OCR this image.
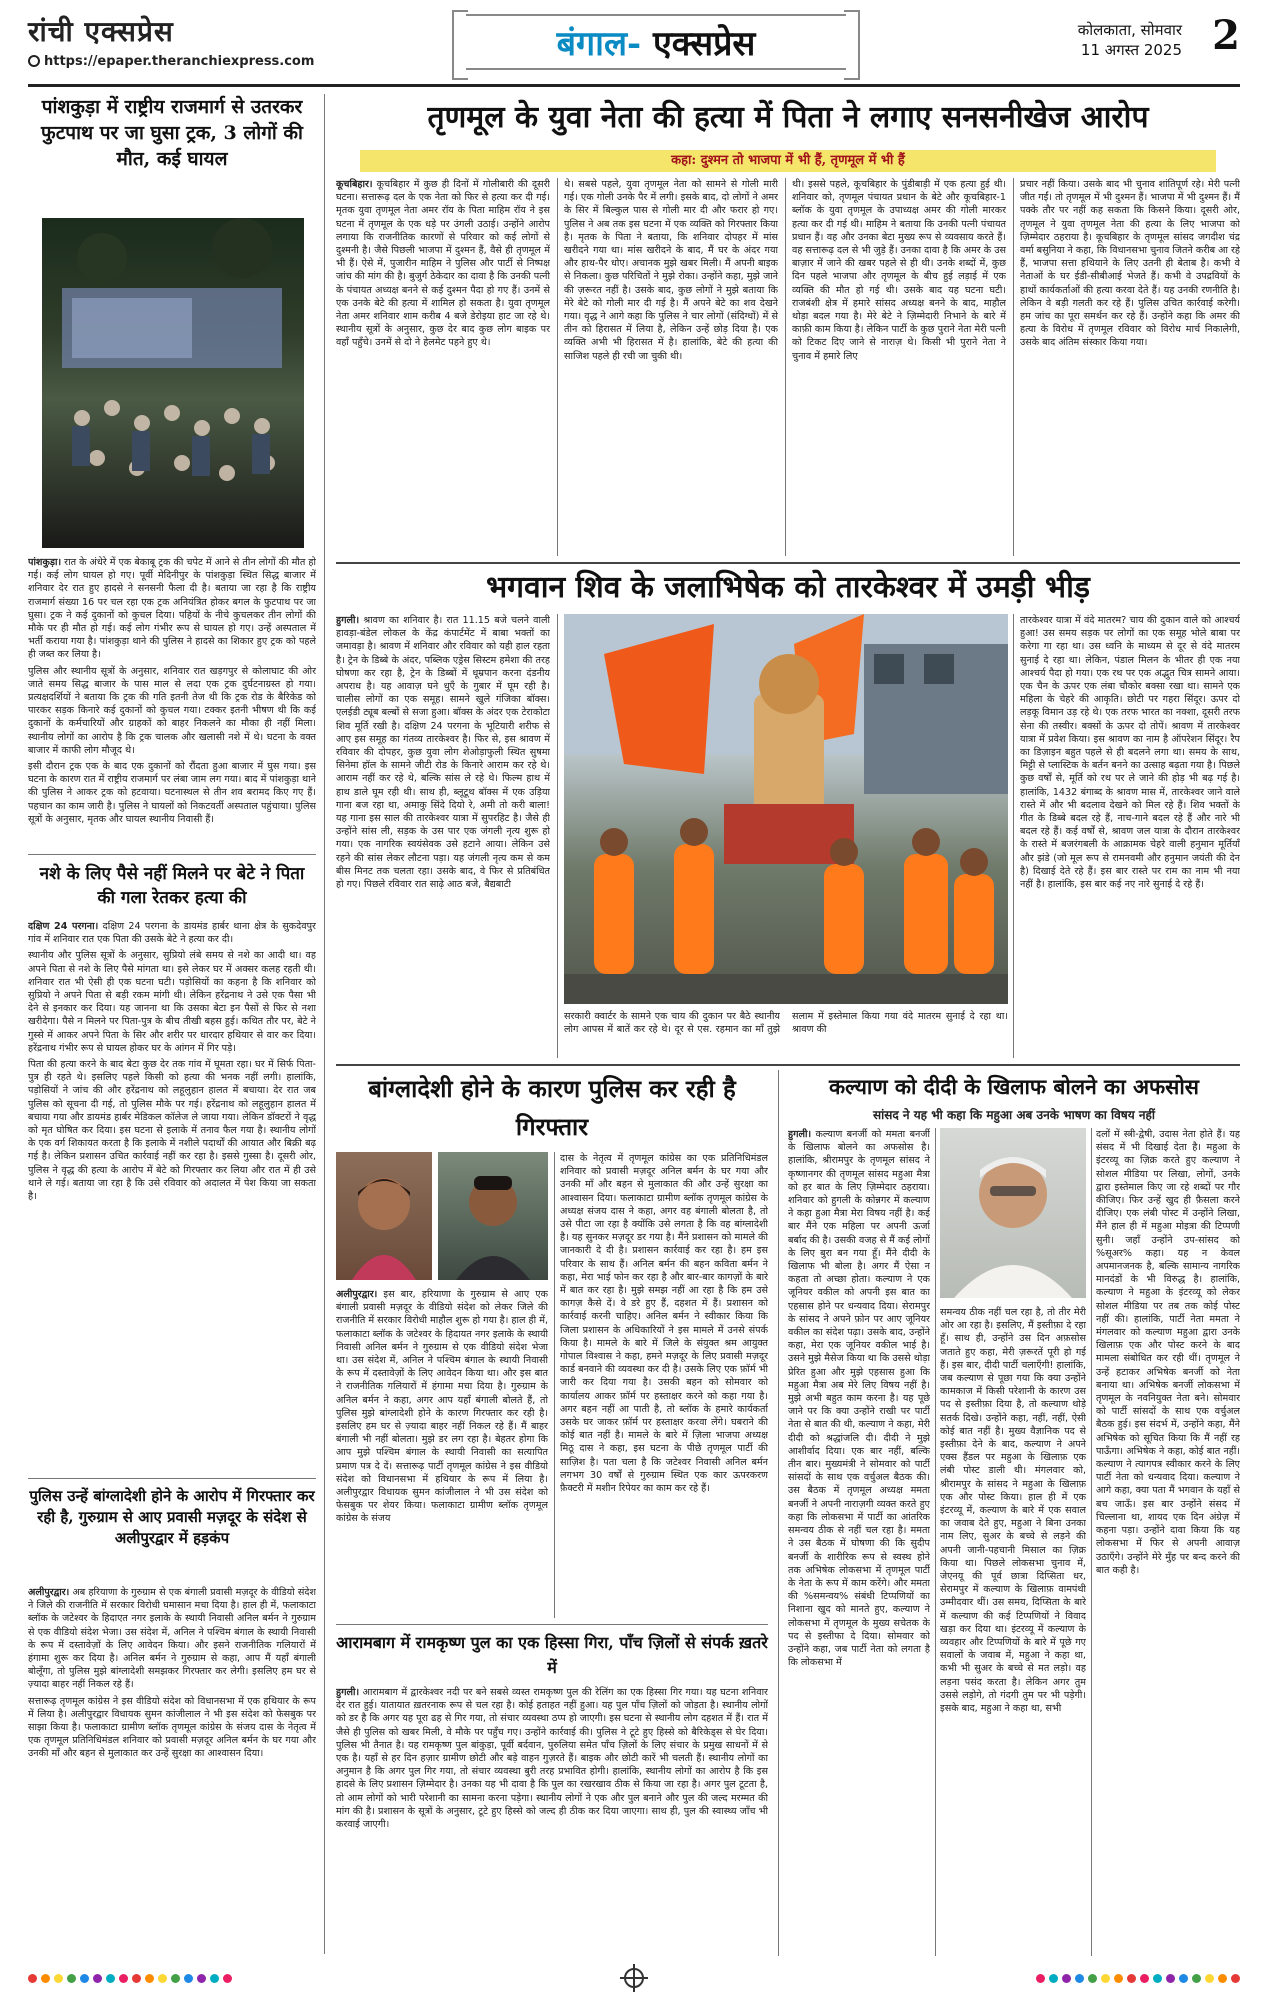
रांची एक्सप्रेस
https://epaper.theranchiexpress.com	बंगाल- एक्सप्रेस	कोलकाता, सोमवार
11 अगस्त 2025 2
पांशकुड़ा में राष्ट्रीय राजमार्ग से उतरकर फुटपाथ पर जा घुसा ट्रक, 3 लोगों की मौत, कई घायल

पांशकुड़ा। रात के अंधेरे में एक बेकाबू ट्रक की चपेट में आने से तीन लोगों की मौत हो गई। कई लोग घायल हो गए। पूर्वी मेदिनीपुर के पांशकुड़ा स्थित सिद्ध बाजार में शनिवार देर रात हुए हादसे ने सनसनी फैला दी है। बताया जा रहा है कि राष्ट्रीय राजमार्ग संख्या 16 पर चल रहा एक ट्रक अनियंत्रित होकर बगल के फुटपाथ पर जा घुसा। ट्रक ने कई दुकानों को कुचल दिया। पहियों के नीचे कुचलकर तीन लोगों की मौके पर ही मौत हो गई। कई लोग गंभीर रूप से घायल हो गए। उन्हें अस्पताल में भर्ती कराया गया है। पांशकुड़ा थाने की पुलिस ने हादसे का शिकार हुए ट्रक को पहले ही जब्त कर लिया है।

पुलिस और स्थानीय सूत्रों के अनुसार, शनिवार रात खड़गपुर से कोलाघाट की ओर जाते समय सिद्ध बाजार के पास माल से लदा एक ट्रक दुर्घटनाग्रस्त हो गया। प्रत्यक्षदर्शियों ने बताया कि ट्रक की गति इतनी तेज थी कि ट्रक रोड के बैरिकेड को पारकर सड़क किनारे कई दुकानों को कुचल गया। टक्कर इतनी भीषण थी कि कई दुकानों के कर्मचारियों और ग्राहकों को बाहर निकलने का मौका ही नहीं मिला। स्थानीय लोगों का आरोप है कि ट्रक चालक और खलासी नशे में थे। घटना के वक्त बाजार में काफी लोग मौजूद थे।

इसी दौरान ट्रक एक के बाद एक दुकानों को रौंदता हुआ बाजार में घुस गया। इस घटना के कारण रात में राष्ट्रीय राजमार्ग पर लंबा जाम लग गया। बाद में पांशकुड़ा थाने की पुलिस ने आकर ट्रक को हटवाया। घटनास्थल से तीन शव बरामद किए गए हैं। पहचान का काम जारी है। पुलिस ने घायलों को निकटवर्ती अस्पताल पहुंचाया। पुलिस सूत्रों के अनुसार, मृतक और घायल स्थानीय निवासी हैं।

नशे के लिए पैसे नहीं मिलने पर बेटे ने पिता की गला रेतकर हत्या की

दक्षिण 24 परगना। दक्षिण 24 परगना के डायमंड हार्बर थाना क्षेत्र के सुकदेवपुर गांव में शनिवार रात एक पिता की उसके बेटे ने हत्या कर दी।

स्थानीय और पुलिस सूत्रों के अनुसार, सुप्रियो लंबे समय से नशे का आदी था। वह अपने पिता से नशे के लिए पैसे मांगता था। इसे लेकर घर में अक्सर कलह रहती थी। शनिवार रात भी ऐसी ही एक घटना घटी। पड़ोसियों का कहना है कि शनिवार को सुप्रियो ने अपने पिता से बड़ी रकम मांगी थी। लेकिन हरेंद्रनाथ ने उसे एक पैसा भी देने से इनकार कर दिया। यह जानना था कि उसका बेटा इन पैसों से फिर से नशा खरीदेगा। पैसे न मिलने पर पिता-पुत्र के बीच तीखी बहस हुई। कथित तौर पर, बेटे ने गुस्से में आकर अपने पिता के सिर और शरीर पर धारदार हथियार से वार कर दिया। हरेंद्रनाथ गंभीर रूप से घायल होकर घर के आंगन में गिर पड़े।

पिता की हत्या करने के बाद बेटा कुछ देर तक गांव में घूमता रहा। घर में सिर्फ पिता-पुत्र ही रहते थे। इसलिए पहले किसी को हत्या की भनक नहीं लगी। हालांकि, पड़ोसियों ने जांच की और हरेंद्रनाथ को लहूलुहान हालत में बचाया। देर रात जब पुलिस को सूचना दी गई, तो पुलिस मौके पर गई। हरेंद्रनाथ को लहूलुहान हालत में बचाया गया और डायमंड हार्बर मेडिकल कॉलेज ले जाया गया। लेकिन डॉक्टरों ने वृद्ध को मृत घोषित कर दिया। इस घटना से इलाके में तनाव फैल गया है। स्थानीय लोगों के एक वर्ग शिकायत करता है कि इलाके में नशीले पदार्थों की आयात और बिक्री बढ़ गई है। लेकिन प्रशासन उचित कार्रवाई नहीं कर रहा है। इससे गुस्सा है। दूसरी ओर, पुलिस ने वृद्ध की हत्या के आरोप में बेटे को गिरफ्तार कर लिया और रात में ही उसे थाने ले गई। बताया जा रहा है कि उसे रविवार को अदालत में पेश किया जा सकता है।

पुलिस उन्हें बांग्लादेशी होने के आरोप में गिरफ्तार कर रही है, गुरुग्राम से आए प्रवासी मज़दूर के संदेश से अलीपुरद्वार में हड़कंप

अलीपुरद्वार। अब हरियाणा के गुरुग्राम से एक बंगाली प्रवासी मज़दूर के वीडियो संदेश ने जिले की राजनीति में सरकार विरोधी घमासान मचा दिया है। हाल ही में, फलाकाटा ब्लॉक के जटेश्वर के हिदाएत नगर इलाके के स्थायी निवासी अनिल बर्मन ने गुरुग्राम से एक वीडियो संदेश भेजा। उस संदेश में, अनिल ने पश्चिम बंगाल के स्थायी निवासी के रूप में दस्तावेज़ों के लिए आवेदन किया। और इसने राजनीतिक गलियारों में हंगामा शुरू कर दिया है। अनिल बर्मन ने गुरुग्राम से कहा, आप मैं यहाँ बंगाली बोलूँगा, तो पुलिस मुझे बांग्लादेशी समझकर गिरफ्तार कर लेगी। इसलिए हम घर से ज़्यादा बाहर नहीं निकल रहे हैं।

सत्तारूढ़ तृणमूल कांग्रेस ने इस वीडियो संदेश को विधानसभा में एक हथियार के रूप में लिया है। अलीपुरद्वार विधायक सुमन कांजीलाल ने भी इस संदेश को फेसबुक पर साझा किया है। फलाकाटा ग्रामीण ब्लॉक तृणमूल कांग्रेस के संजय दास के नेतृत्व में एक तृणमूल प्रतिनिधिमंडल शनिवार को प्रवासी मज़दूर अनिल बर्मन के घर गया और उनकी माँ और बहन से मुलाकात कर उन्हें सुरक्षा का आश्वासन दिया।

तृणमूल के युवा नेता की हत्या में पिता ने लगाए सनसनीखेज आरोप
कहा: दुश्मन तो भाजपा में भी हैं, तृणमूल में भी हैं

कूचबिहार। कूचबिहार में कुछ ही दिनों में गोलीबारी की दूसरी घटना। सत्तारूढ़ दल के एक नेता को फिर से हत्या कर दी गई। मृतक युवा तृणमूल नेता अमर रॉय के पिता माहिम रॉय ने इस घटना में तृणमूल के एक धड़े पर उंगली उठाई। उन्होंने आरोप लगाया कि राजनीतिक कारणों से परिवार को कई लोगों से दुश्मनी है। जैसे पिछली भाजपा में दुश्मन हैं, वैसे ही तृणमूल में भी हैं। ऐसे में, पुजारीन माहिम ने पुलिस और पार्टी से निष्पक्ष जांच की मांग की है। बुजुर्ग ठेकेदार का दावा है कि उनकी पत्नी के पंचायत अध्यक्ष बनने से कई दुश्मन पैदा हो गए हैं। उनमें से एक उनके बेटे की हत्या में शामिल हो सकता है। युवा तृणमूल नेता अमर शनिवार शाम करीब 4 बजे डेरोइया हाट जा रहे थे। स्थानीय सूत्रों के अनुसार, कुछ देर बाद कुछ लोग बाइक पर वहाँ पहुँचे। उनमें से दो ने हेलमेट पहने हुए थे।

थे। सबसे पहले, युवा तृणमूल नेता को सामने से गोली मारी गई। एक गोली उनके पैर में लगी। इसके बाद, दो लोगों ने अमर के सिर में बिल्कुल पास से गोली मार दी और फरार हो गए। पुलिस ने अब तक इस घटना में एक व्यक्ति को गिरफ्तार किया है। मृतक के पिता ने बताया, कि शनिवार दोपहर में मांस खरीदने गया था। मांस खरीदने के बाद, मैं घर के अंदर गया और हाथ-पैर धोए। अचानक मुझे खबर मिली। मैं अपनी बाइक से निकला। कुछ परिचितों ने मुझे रोका। उन्होंने कहा, मुझे जाने की ज़रूरत नहीं है। उसके बाद, कुछ लोगों ने मुझे बताया कि मेरे बेटे को गोली मार दी गई है। मैं अपने बेटे का शव देखने गया। वृद्ध ने आगे कहा कि पुलिस ने चार लोगों (संदिग्धों) में से तीन को हिरासत में लिया है, लेकिन उन्हें छोड़ दिया है। एक व्यक्ति अभी भी हिरासत में है। हालांकि, बेटे की हत्या की साजिश पहले ही रची जा चुकी थी।
थी। इससे पहले, कूचबिहार के पुंडीबाड़ी में एक हत्या हुई थी। शनिवार को, तृणमूल पंचायत प्रधान के बेटे और कूचबिहार-1 ब्लॉक के युवा तृणमूल के उपाध्यक्ष अमर की गोली मारकर हत्या कर दी गई थी। माहिम ने बताया कि उनकी पत्नी पंचायत प्रधान हैं। वह और उनका बेटा मुख्य रूप से व्यवसाय करते हैं। वह सत्तारूढ़ दल से भी जुड़े हैं। उनका दावा है कि अमर के उस बाज़ार में जाने की खबर पहले से ही थी। उनके शब्दों में, कुछ दिन पहले भाजपा और तृणमूल के बीच हुई लड़ाई में एक व्यक्ति की मौत हो गई थी। उसके बाद यह घटना घटी। राजबंशी क्षेत्र में हमारे सांसद अध्यक्ष बनने के बाद, माहौल थोड़ा बदल गया है। मेरे बेटे ने ज़िम्मेदारी निभाने के बारे में काफ़ी काम किया है। लेकिन पार्टी के कुछ पुराने नेता मेरी पत्नी को टिकट दिए जाने से नाराज़ थे। किसी भी पुराने नेता ने चुनाव में हमारे लिए
प्रचार नहीं किया। उसके बाद भी चुनाव शांतिपूर्ण रहे। मेरी पत्नी जीत गईं। तो तृणमूल में भी दुश्मन हैं। भाजपा में भी दुश्मन हैं। मैं पक्के तौर पर नहीं कह सकता कि किसने किया। दूसरी ओर, तृणमूल ने युवा तृणमूल नेता की हत्या के लिए भाजपा को ज़िम्मेदार ठहराया है। कूचबिहार के तृणमूल सांसद जगदीश चंद्र वर्मा बसुनिया ने कहा, कि विधानसभा चुनाव जितने करीब आ रहे हैं, भाजपा सत्ता हथियाने के लिए उतनी ही बेताब है। कभी वे नेताओं के घर ईडी-सीबीआई भेजते हैं। कभी वे उपद्रवियों के हाथों कार्यकर्ताओं की हत्या करवा देते हैं। यह उनकी रणनीति है। लेकिन वे बड़ी गलती कर रहे हैं। पुलिस उचित कार्रवाई करेगी। हम जांच का पूरा समर्थन कर रहे हैं। उन्होंने कहा कि अमर की हत्या के विरोध में तृणमूल रविवार को विरोध मार्च निकालेगी, उसके बाद अंतिम संस्कार किया गया।
भगवान शिव के जलाभिषेक को तारकेश्वर में उमड़ी भीड़

हुगली। श्रावण का शनिवार है। रात 11.15 बजे चलने वाली हावड़ा-बंडेल लोकल के केंद्र कंपार्टमेंट में बाबा भक्तों का जमावड़ा है। श्रावण में शनिवार और रविवार को यही हाल रहता है। ट्रेन के डिब्बे के अंदर, पब्लिक एड्रेस सिस्टम हमेशा की तरह घोषणा कर रहा है, ट्रेन के डिब्बों में धूम्रपान करना दंडनीय अपराध है। यह आवाज़ घने धुएँ के गुबार में घूम रही है। चालीस लोगों का एक समूह। सामने खुले गंजिका बॉक्स। एलईडी ट्यूब बल्बों से सजा हुआ। बॉक्स के अंदर एक टेराकोटा शिव मूर्ति रखी है। दक्षिण 24 परगना के भूटियारी शरीफ से आए इस समूह का गंतव्य तारकेश्वर है। फिर से, इस श्रावण में रविवार की दोपहर, कुछ युवा लोग शेओड़ाफुली स्थित सुषमा सिनेमा हॉल के सामने जीटी रोड के किनारे आराम कर रहे थे। आराम नहीं कर रहे थे, बल्कि सांस ले रहे थे। फिल्म हाथ में हाथ डाले घूम रही थी। साथ ही, ब्लूटूथ बॉक्स में एक उड़िया गाना बज रहा था, अमाकु सिंदे दियो रे, अमी तो करी बाला! यह गाना इस साल की तारकेश्वर यात्रा में सुपरहिट है। जैसे ही उन्होंने सांस ली, सड़क के उस पार एक जंगली नृत्य शुरू हो गया। एक नागरिक स्वयंसेवक उसे हटाने आया। लेकिन उसे रहने की सांस लेकर लौटना पड़ा। यह जंगली नृत्य कम से कम बीस मिनट तक चलता रहा। उसके बाद, वे फिर से प्रतिबंधित हो गए। पिछले रविवार रात साढ़े आठ बजे, बैद्यबाटी

सरकारी क्वार्टर के सामने एक चाय की दुकान पर बैठे स्थानीय लोग आपस में बातें कर रहे थे। दूर से एस. रहमान का माँ तुझे सलाम में इस्तेमाल किया गया वंदे मातरम सुनाई दे रहा था। श्रावण की
तारकेश्वर यात्रा में वंदे मातरम? चाय की दुकान वाले को आश्चर्य हुआ! उस समय सड़क पर लोगों का एक समूह भोले बाबा पर करेगा गा रहा था। उस ध्वनि के माध्यम से दूर से वंदे मातरम सुनाई दे रहा था। लेकिन, पंडाल मिलन के भीतर ही एक नया आश्चर्य पैदा हो गया। एक रथ पर एक अद्भुत चित्र सामने आया। एक चैन के ऊपर एक लंबा चौकोर बक्सा रखा था। सामने एक महिला के चेहरे की आकृति। छोटी पर गहरा सिंदूर। ऊपर दो लड़कू विमान उड़ रहे थे। एक तरफ भारत का नक्शा, दूसरी तरफ सेना की तस्वीर। बक्सों के ऊपर दो तोपें। श्रावण में तारकेश्वर यात्रा में प्रवेश किया। इस श्रावण का नाम है ऑपरेशन सिंदूर। रैप का डिज़ाइन बहुत पहले से ही बदलने लगा था। समय के साथ, मिट्टी से प्लास्टिक के बर्तन बनने का उत्साह बढ़ता गया है। पिछले कुछ वर्षों से, मूर्ति को रथ पर ले जाने की होड़ भी बढ़ गई है। हालांकि, 1432 बंगाब्द के श्रावण मास में, तारकेश्वर जाने वाले रास्ते में और भी बदलाव देखने को मिल रहे हैं। शिव भक्तों के गीत के डिब्बे बदल रहे हैं, नाच-गाने बदल रहे हैं और नारे भी बदल रहे हैं। कई वर्षों से, श्रावण जल यात्रा के दौरान तारकेश्वर के रास्ते में बजरंगबली के आक्रामक चेहरे वाली हनुमान मूर्तियाँ और झंडे (जो मूल रूप से रामनवमी और हनुमान जयंती की देन है) दिखाई देते रहे हैं। इस बार रास्ते पर राम का नाम भी नया नहीं है। हालांकि, इस बार कई नए नारे सुनाई दे रहे हैं।
बांग्लादेशी होने के कारण पुलिस कर रही है गिरफ्तार

अलीपुरद्वार। इस बार, हरियाणा के गुरुग्राम से आए एक बंगाली प्रवासी मज़दूर के वीडियो संदेश को लेकर जिले की राजनीति में सरकार विरोधी माहौल शुरू हो गया है। हाल ही में, फलाकाटा ब्लॉक के जटेश्वर के हिदायत नगर इलाके के स्थायी निवासी अनिल बर्मन ने गुरुग्राम से एक वीडियो संदेश भेजा था। उस संदेश में, अनिल ने पश्चिम बंगाल के स्थायी निवासी के रूप में दस्तावेज़ों के लिए आवेदन किया था। और इस बात ने राजनीतिक गलियारों में हंगामा मचा दिया है। गुरुग्राम के अनिल बर्मन ने कहा, अगर आप यहाँ बंगाली बोलते हैं, तो पुलिस मुझे बांग्लादेशी होने के कारण गिरफ्तार कर रही है। इसलिए हम घर से ज़्यादा बाहर नहीं निकल रहे हैं। मैं बाहर बंगाली भी नहीं बोलता। मुझे डर लग रहा है। बेहतर होगा कि आप मुझे पश्चिम बंगाल के स्थायी निवासी का सत्यापित प्रमाण पत्र दे दें। सत्तारूढ़ पार्टी तृणमूल कांग्रेस ने इस वीडियो संदेश को विधानसभा में हथियार के रूप में लिया है। अलीपुरद्वार विधायक सुमन कांजीलाल ने भी उस संदेश को फेसबुक पर शेयर किया। फलाकाटा ग्रामीण ब्लॉक तृणमूल कांग्रेस के संजय

दास के नेतृत्व में तृणमूल कांग्रेस का एक प्रतिनिधिमंडल शनिवार को प्रवासी मज़दूर अनिल बर्मन के घर गया और उनकी माँ और बहन से मुलाकात की और उन्हें सुरक्षा का आश्वासन दिया। फलाकाटा ग्रामीण ब्लॉक तृणमूल कांग्रेस के अध्यक्ष संजय दास ने कहा, अगर वह बंगाली बोलता है, तो उसे पीटा जा रहा है क्योंकि उसे लगता है कि वह बांग्लादेशी है। यह सुनकर मज़दूर डर गया है। मैंने प्रशासन को मामले की जानकारी दे दी है। प्रशासन कार्रवाई कर रहा है। हम इस परिवार के साथ हैं। अनिल बर्मन की बहन कविता बर्मन ने कहा, मेरा भाई फोन कर रहा है और बार-बार कागज़ों के बारे में बात कर रहा है। मुझे समझ नहीं आ रहा है कि हम उसे कागज़ कैसे दें। वे डरे हुए हैं, दहशत में हैं। प्रशासन को कार्रवाई करनी चाहिए। अनिल बर्मन ने स्वीकार किया कि जिला प्रशासन के अधिकारियों ने इस मामले में उनसे संपर्क किया है। मामले के बारे में जिले के संयुक्त श्रम आयुक्त गोपाल विश्वास ने कहा, हमने मज़दूर के लिए प्रवासी मज़दूर कार्ड बनवाने की व्यवस्था कर दी है। उसके लिए एक फ़ॉर्म भी जारी कर दिया गया है। उसकी बहन को सोमवार को कार्यालय आकर फ़ॉर्म पर हस्ताक्षर करने को कहा गया है। अगर बहन नहीं आ पाती है, तो ब्लॉक के हमारे कार्यकर्ता उसके घर जाकर फ़ॉर्म पर हस्ताक्षर करवा लेंगे। घबराने की कोई बात नहीं है। मामले के बारे में ज़िला भाजपा अध्यक्ष मिठू दास ने कहा, इस घटना के पीछे तृणमूल पार्टी की साज़िश है। पता चला है कि जटेश्वर निवासी अनिल बर्मन लगभग 30 वर्षों से गुरुग्राम स्थित एक कार ऊपरकरण फ़ैक्टरी में मशीन रिपेयर का काम कर रहे हैं।
आरामबाग में रामकृष्ण पुल का एक हिस्सा गिरा, पाँच ज़िलों से संपर्क ख़तरे में

हुगली। आरामबाग में द्वारकेश्वर नदी पर बने सबसे व्यस्त रामकृष्ण पुल की रेलिंग का एक हिस्सा गिर गया। यह घटना शनिवार देर रात हुई। यातायात ख़तरनाक रूप से चल रहा है। कोई हताहत नहीं हुआ। यह पुल पाँच ज़िलों को जोड़ता है। स्थानीय लोगों को डर है कि अगर यह पूरा ढह से गिर गया, तो संचार व्यवस्था ठप्प हो जाएगी। इस घटना से स्थानीय लोग दहशत में हैं। रात में जैसे ही पुलिस को खबर मिली, वे मौके पर पहुँच गए। उन्होंने कार्रवाई की। पुलिस ने टूटे हुए हिस्से को बैरिकेड्स से घेर दिया। पुलिस भी तैनात है। यह रामकृष्ण पुल बांकुड़ा, पूर्वी बर्दवान, पुरुलिया समेत पाँच ज़िलों के लिए संचार के प्रमुख साधनों में से एक है। यहाँ से हर दिन हज़ार ग्रामीण छोटी और बड़े वाहन गुज़रते हैं। बाइक और छोटी कारें भी चलती हैं। स्थानीय लोगों का अनुमान है कि अगर पुल गिर गया, तो संचार व्यवस्था बुरी तरह प्रभावित होगी। हालांकि, स्थानीय लोगों का आरोप है कि इस हादसे के लिए प्रशासन ज़िम्मेदार है। उनका यह भी दावा है कि पुल का रखरखाव ठीक से किया जा रहा है। अगर पुल टूटता है, तो आम लोगों को भारी परेशानी का सामना करना पड़ेगा। स्थानीय लोगों ने एक और पुल बनाने और पुल की जल्द मरम्मत की मांग की है। प्रशासन के सूत्रों के अनुसार, टूटे हुए हिस्से को जल्द ही ठीक कर दिया जाएगा। साथ ही, पुल की स्वास्थ्य जाँच भी करवाई जाएगी।

कल्याण को दीदी के खिलाफ बोलने का अफसोस
सांसद ने यह भी कहा कि महुआ अब उनके भाषण का विषय नहीं

हुगली। कल्याण बनर्जी को ममता बनर्जी के खिलाफ बोलने का अफसोस है। हालांकि, श्रीरामपुर के तृणमूल सांसद ने कृष्णानगर की तृणमूल सांसद महुआ मैत्रा को हर बात के लिए ज़िम्मेदार ठहराया। शनिवार को हुगली के कोन्नगर में कल्याण ने कहा हुआ मैत्रा मेरा विषय नहीं है। कई बार मैंने एक महिला पर अपनी ऊर्जा बर्बाद की है। उसकी वजह से मैं कई लोगों के लिए बुरा बन गया हूँ। मैंने दीदी के खिलाफ भी बोला है। अगर मैं ऐसा न कहता तो अच्छा होता। कल्याण ने एक जूनियर वकील को अपनी इस बात का एहसास होने पर धन्यवाद दिया। सेरामपुर के सांसद ने अपने फ़ोन पर आए जूनियर वकील का संदेश पढ़ा। उसके बाद, उन्होंने कहा, मेरा एक जूनियर वकील भाई है। उसने मुझे मैसेज किया था कि उससे थोड़ा प्रेरित हुआ और मुझे एहसास हुआ कि महुआ मैत्रा अब मेरे लिए विषय नहीं है। मुझे अभी बहुत काम करना है। यह पूछे जाने पर कि क्या उन्होंने राखी पर पार्टी नेता से बात की थी, कल्याण ने कहा, मेरी दीदी को श्रद्धांजलि दी। दीदी ने मुझे आशीर्वाद दिया। एक बार नहीं, बल्कि तीन बार। मुख्यमंत्री ने सोमवार को पार्टी सांसदों के साथ एक वर्चुअल बैठक की। उस बैठक में तृणमूल अध्यक्ष ममता बनर्जी ने अपनी नाराज़गी व्यक्त करते हुए कहा कि लोकसभा में पार्टी का आंतरिक समन्वय ठीक से नहीं चल रहा है। ममता ने उस बैठक में घोषणा की कि सुदीप बनर्जी के शारीरिक रूप से स्वस्थ होने तक अभिषेक लोकसभा में तृणमूल पार्टी के नेता के रूप में काम करेंगे। और ममता की %समन्वय% संबंधी टिप्पणियों का निशाना खुद को मानते हुए, कल्याण ने लोकसभा में तृणमूल के मुख्य सचेतक के पद से इस्तीफा दे दिया। सोमवार को उन्होंने कहा, जब पार्टी नेता को लगता है कि लोकसभा में

समन्वय ठीक नहीं चल रहा है, तो तीर मेरी ओर आ रहा है। इसलिए, मैं इस्तीफ़ा दे रहा हूँ। साथ ही, उन्होंने उस दिन अफ़सोस जताते हुए कहा, मेरी ज़रूरतें पूरी हो गई हैं। इस बार, दीदी पार्टी चलाएँगी! हालांकि, जब कल्याण से पूछा गया कि क्या उन्होंने कामकाज में किसी परेशानी के कारण उस पद से इस्तीफ़ा दिया है, तो कल्याण थोड़े सतर्क दिखे। उन्होंने कहा, नहीं, नहीं, ऐसी कोई बात नहीं है। मुख्य वैज्ञानिक पद से इस्तीफ़ा देने के बाद, कल्याण ने अपने एक्स हैंडल पर महुआ के खिलाफ़ एक लंबी पोस्ट डाली थी। मंगलवार को, श्रीरामपुर के सांसद ने महुआ के खिलाफ़ एक और पोस्ट किया। हाल ही में एक इंटरव्यू में, कल्याण के बारे में एक सवाल का जवाब देते हुए, महुआ ने बिना उनका नाम लिए, सुअर के बच्चे से लड़ने की अपनी जानी-पहचानी मिसाल का ज़िक्र किया था। पिछले लोकसभा चुनाव में, जेएनयू की पूर्व छात्रा दिप्सिता धर, सेरामपुर में कल्याण के खिलाफ़ वामपंथी उम्मीदवार थीं। उस समय, दिप्सिता के बारे में कल्याण की कई टिप्पणियों ने विवाद खड़ा कर दिया था। इंटरव्यू में कल्याण के व्यवहार और टिप्पणियों के बारे में पूछे गए सवालों के जवाब में, महुआ ने कहा था, कभी भी सुअर के बच्चे से मत लड़ो। वह लड़ना पसंद करता है। लेकिन अगर तुम उससे लड़ोगे, तो गंदगी तुम पर भी पड़ेगी। इसके बाद, महुआ ने कहा था, सभी
दलों में स्त्री-द्वेषी, उदास नेता होते हैं। यह संसद में भी दिखाई देता है। महुआ के इंटरव्यू का ज़िक्र करते हुए कल्याण ने सोशल मीडिया पर लिखा, लोगों, उनके द्वारा इस्तेमाल किए जा रहे शब्दों पर गौर कीजिए। फिर उन्हें खुद ही फ़ैसला करने दीजिए। एक लंबी पोस्ट में उन्होंने लिखा, मैंने हाल ही में महुआ मोइत्रा की टिप्पणी सुनी। जहाँ उन्होंने उप-सांसद को %सूअर% कहा। यह न केवल अपमानजनक है, बल्कि सामान्य नागरिक मानदंडों के भी विरुद्ध है। हालांकि, कल्याण ने महुआ के इंटरव्यू को लेकर सोशल मीडिया पर तब तक कोई पोस्ट नहीं की। हालांकि, पार्टी नेता ममता ने मंगलवार को कल्याण महुआ द्वारा उनके खिलाफ़ एक और पोस्ट करने के बाद मामला संबोधित कर रही थीं। तृणमूल ने उन्हें हटाकर अभिषेक बनर्जी को नेता बनाया था। अभिषेक बनर्जी लोकसभा में तृणमूल के नवनियुक्त नेता बने। सोमवार को पार्टी सांसदों के साथ एक वर्चुअल बैठक हुई। इस संदर्भ में, उन्होंने कहा, मैंने अभिषेक को सूचित किया कि मैं नहीं रह पाऊँगा। अभिषेक ने कहा, कोई बात नहीं। कल्याण ने त्यागपत्र स्वीकार करने के लिए पार्टी नेता को धन्यवाद दिया। कल्याण ने आगे कहा, क्या पता मैं भगवान के यहाँ से बच जाऊँ। इस बार उन्होंने संसद में चिल्लाना था, शायद एक दिन अंग्रेज़ में कहना पड़ा। उन्होंने दावा किया कि यह लोकसभा में फिर से अपनी आवाज़ उठाएँगे। उन्होंने मेरे मुँह पर बन्द करने की बात कही है।
